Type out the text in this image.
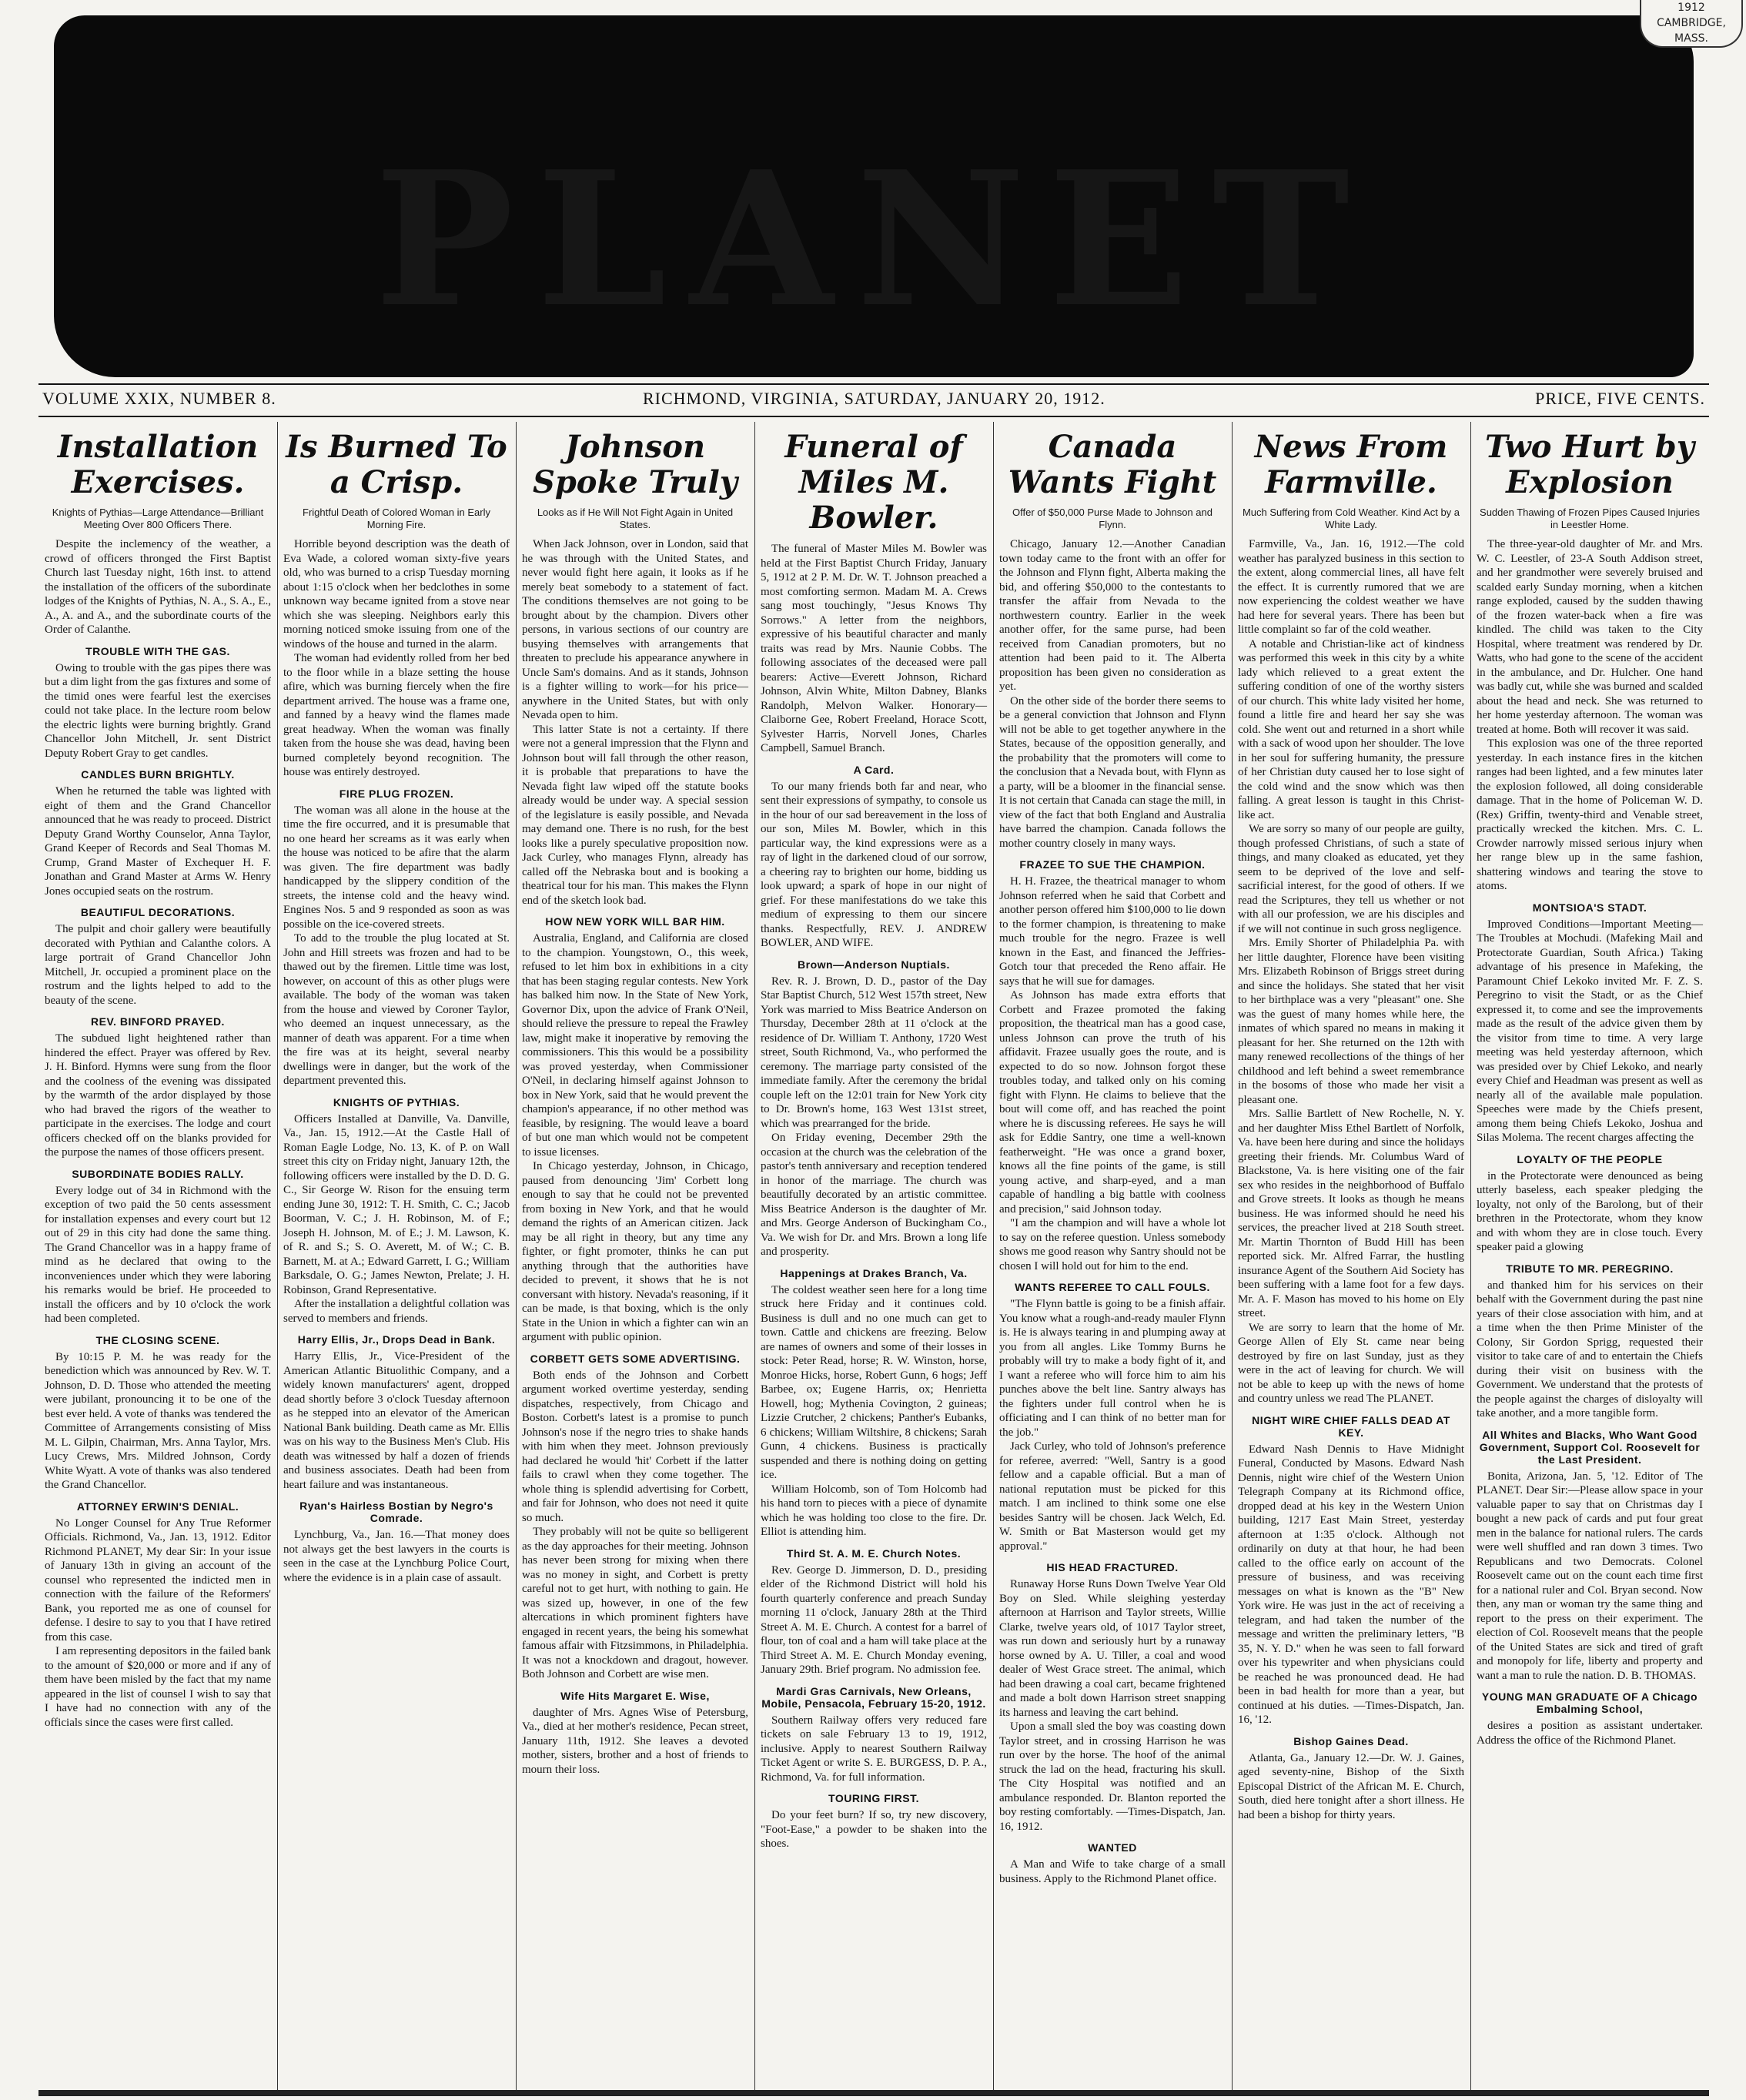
PLANET
1912
CAMBRIDGE, MASS.
VOLUME XXIX, NUMBER 8.	RICHMOND, VIRGINIA, SATURDAY, JANUARY 20, 1912.	PRICE, FIVE CENTS.
Installation Exercises.
Knights of Pythias—Large Attendance—Brilliant Meeting Over 800 Officers There.

Despite the inclemency of the weather, a crowd of officers thronged the First Baptist Church last Tuesday night, 16th inst. to attend the installation of the officers of the subordinate lodges of the Knights of Pythias, N. A., S. A., E., A., A. and A., and the subordinate courts of the Order of Calanthe.

TROUBLE WITH THE GAS.

Owing to trouble with the gas pipes there was but a dim light from the gas fixtures and some of the timid ones were fearful lest the exercises could not take place. In the lecture room below the electric lights were burning brightly. Grand Chancellor John Mitchell, Jr. sent District Deputy Robert Gray to get candles.

CANDLES BURN BRIGHTLY.

When he returned the table was lighted with eight of them and the Grand Chancellor announced that he was ready to proceed. District Deputy Grand Worthy Counselor, Anna Taylor, Grand Keeper of Records and Seal Thomas M. Crump, Grand Master of Exchequer H. F. Jonathan and Grand Master at Arms W. Henry Jones occupied seats on the rostrum.

BEAUTIFUL DECORATIONS.

The pulpit and choir gallery were beautifully decorated with Pythian and Calanthe colors. A large portrait of Grand Chancellor John Mitchell, Jr. occupied a prominent place on the rostrum and the lights helped to add to the beauty of the scene.

REV. BINFORD PRAYED.

The subdued light heightened rather than hindered the effect. Prayer was offered by Rev. J. H. Binford. Hymns were sung from the floor and the coolness of the evening was dissipated by the warmth of the ardor displayed by those who had braved the rigors of the weather to participate in the exercises. The lodge and court officers checked off on the blanks provided for the purpose the names of those officers present.

SUBORDINATE BODIES RALLY.

Every lodge out of 34 in Richmond with the exception of two paid the 50 cents assessment for installation expenses and every court but 12 out of 29 in this city had done the same thing. The Grand Chancellor was in a happy frame of mind as he declared that owing to the inconveniences under which they were laboring his remarks would be brief. He proceeded to install the officers and by 10 o'clock the work had been completed.

THE CLOSING SCENE.

By 10:15 P. M. he was ready for the benediction which was announced by Rev. W. T. Johnson, D. D. Those who attended the meeting were jubilant, pronouncing it to be one of the best ever held. A vote of thanks was tendered the Committee of Arrangements consisting of Miss M. L. Gilpin, Chairman, Mrs. Anna Taylor, Mrs. Lucy Crews, Mrs. Mildred Johnson, Cordy White Wyatt. A vote of thanks was also tendered the Grand Chancellor.

ATTORNEY ERWIN'S DENIAL.

No Longer Counsel for Any True Reformer Officials. Richmond, Va., Jan. 13, 1912. Editor Richmond PLANET, My dear Sir: In your issue of January 13th in giving an account of the counsel who represented the indicted men in connection with the failure of the Reformers' Bank, you reported me as one of counsel for defense. I desire to say to you that I have retired from this case.

I am representing depositors in the failed bank to the amount of $20,000 or more and if any of them have been misled by the fact that my name appeared in the list of counsel I wish to say that I have had no connection with any of the officials since the cases were first called.

Is Burned To a Crisp.
Frightful Death of Colored Woman in Early Morning Fire.

Horrible beyond description was the death of Eva Wade, a colored woman sixty-five years old, who was burned to a crisp Tuesday morning about 1:15 o'clock when her bedclothes in some unknown way became ignited from a stove near which she was sleeping. Neighbors early this morning noticed smoke issuing from one of the windows of the house and turned in the alarm.

The woman had evidently rolled from her bed to the floor while in a blaze setting the house afire, which was burning fiercely when the fire department arrived. The house was a frame one, and fanned by a heavy wind the flames made great headway. When the woman was finally taken from the house she was dead, having been burned completely beyond recognition. The house was entirely destroyed.

FIRE PLUG FROZEN.

The woman was all alone in the house at the time the fire occurred, and it is presumable that no one heard her screams as it was early when the house was noticed to be afire that the alarm was given. The fire department was badly handicapped by the slippery condition of the streets, the intense cold and the heavy wind. Engines Nos. 5 and 9 responded as soon as was possible on the ice-covered streets.

To add to the trouble the plug located at St. John and Hill streets was frozen and had to be thawed out by the firemen. Little time was lost, however, on account of this as other plugs were available. The body of the woman was taken from the house and viewed by Coroner Taylor, who deemed an inquest unnecessary, as the manner of death was apparent. For a time when the fire was at its height, several nearby dwellings were in danger, but the work of the department prevented this.

KNIGHTS OF PYTHIAS.

Officers Installed at Danville, Va. Danville, Va., Jan. 15, 1912.—At the Castle Hall of Roman Eagle Lodge, No. 13, K. of P. on Wall street this city on Friday night, January 12th, the following officers were installed by the D. D. G. C., Sir George W. Rison for the ensuing term ending June 30, 1912: T. H. Smith, C. C.; Jacob Boorman, V. C.; J. H. Robinson, M. of F.; Joseph H. Johnson, M. of E.; J. M. Lawson, K. of R. and S.; S. O. Averett, M. of W.; C. B. Barnett, M. at A.; Edward Garrett, I. G.; William Barksdale, O. G.; James Newton, Prelate; J. H. Robinson, Grand Representative.

After the installation a delightful collation was served to members and friends.

Harry Ellis, Jr., Drops Dead in Bank.

Harry Ellis, Jr., Vice-President of the American Atlantic Bituolithic Company, and a widely known manufacturers' agent, dropped dead shortly before 3 o'clock Tuesday afternoon as he stepped into an elevator of the American National Bank building. Death came as Mr. Ellis was on his way to the Business Men's Club. His death was witnessed by half a dozen of friends and business associates. Death had been from heart failure and was instantaneous.

Ryan's Hairless Bostian by Negro's Comrade.

Lynchburg, Va., Jan. 16.—That money does not always get the best lawyers in the courts is seen in the case at the Lynchburg Police Court, where the evidence is in a plain case of assault.

Johnson Spoke Truly
Looks as if He Will Not Fight Again in United States.

When Jack Johnson, over in London, said that he was through with the United States, and never would fight here again, it looks as if he merely beat somebody to a statement of fact. The conditions themselves are not going to be brought about by the champion. Divers other persons, in various sections of our country are busying themselves with arrangements that threaten to preclude his appearance anywhere in Uncle Sam's domains. And as it stands, Johnson is a fighter willing to work—for his price—anywhere in the United States, but with only Nevada open to him.

This latter State is not a certainty. If there were not a general impression that the Flynn and Johnson bout will fall through the other reason, it is probable that preparations to have the Nevada fight law wiped off the statute books already would be under way. A special session of the legislature is easily possible, and Nevada may demand one. There is no rush, for the best looks like a purely speculative proposition now. Jack Curley, who manages Flynn, already has called off the Nebraska bout and is booking a theatrical tour for his man. This makes the Flynn end of the sketch look bad.

HOW NEW YORK WILL BAR HIM.

Australia, England, and California are closed to the champion. Youngstown, O., this week, refused to let him box in exhibitions in a city that has been staging regular contests. New York has balked him now. In the State of New York, Governor Dix, upon the advice of Frank O'Neil, should relieve the pressure to repeal the Frawley law, might make it inoperative by removing the commissioners. This this would be a possibility was proved yesterday, when Commissioner O'Neil, in declaring himself against Johnson to box in New York, said that he would prevent the champion's appearance, if no other method was feasible, by resigning. The would leave a board of but one man which would not be competent to issue licenses.

In Chicago yesterday, Johnson, in Chicago, paused from denouncing 'Jim' Corbett long enough to say that he could not be prevented from boxing in New York, and that he would demand the rights of an American citizen. Jack may be all right in theory, but any time any fighter, or fight promoter, thinks he can put anything through that the authorities have decided to prevent, it shows that he is not conversant with history. Nevada's reasoning, if it can be made, is that boxing, which is the only State in the Union in which a fighter can win an argument with public opinion.

CORBETT GETS SOME ADVERTISING.

Both ends of the Johnson and Corbett argument worked overtime yesterday, sending dispatches, respectively, from Chicago and Boston. Corbett's latest is a promise to punch Johnson's nose if the negro tries to shake hands with him when they meet. Johnson previously had declared he would 'hit' Corbett if the latter fails to crawl when they come together. The whole thing is splendid advertising for Corbett, and fair for Johnson, who does not need it quite so much.

They probably will not be quite so belligerent as the day approaches for their meeting. Johnson has never been strong for mixing when there was no money in sight, and Corbett is pretty careful not to get hurt, with nothing to gain. He was sized up, however, in one of the few altercations in which prominent fighters have engaged in recent years, the being his somewhat famous affair with Fitzsimmons, in Philadelphia. It was not a knockdown and dragout, however. Both Johnson and Corbett are wise men.

Wife Hits Margaret E. Wise,

daughter of Mrs. Agnes Wise of Petersburg, Va., died at her mother's residence, Pecan street, January 11th, 1912. She leaves a devoted mother, sisters, brother and a host of friends to mourn their loss.

Funeral of Miles M. Bowler.

The funeral of Master Miles M. Bowler was held at the First Baptist Church Friday, January 5, 1912 at 2 P. M. Dr. W. T. Johnson preached a most comforting sermon. Madam M. A. Crews sang most touchingly, "Jesus Knows Thy Sorrows." A letter from the neighbors, expressive of his beautiful character and manly traits was read by Mrs. Naunie Cobbs. The following associates of the deceased were pall bearers: Active—Everett Johnson, Richard Johnson, Alvin White, Milton Dabney, Blanks Randolph, Melvon Walker. Honorary—Claiborne Gee, Robert Freeland, Horace Scott, Sylvester Harris, Norvell Jones, Charles Campbell, Samuel Branch.

A Card.

To our many friends both far and near, who sent their expressions of sympathy, to console us in the hour of our sad bereavement in the loss of our son, Miles M. Bowler, which in this particular way, the kind expressions were as a ray of light in the darkened cloud of our sorrow, a cheering ray to brighten our home, bidding us look upward; a spark of hope in our night of grief. For these manifestations do we take this medium of expressing to them our sincere thanks. Respectfully, REV. J. ANDREW BOWLER, AND WIFE.

Brown—Anderson Nuptials.

Rev. R. J. Brown, D. D., pastor of the Day Star Baptist Church, 512 West 157th street, New York was married to Miss Beatrice Anderson on Thursday, December 28th at 11 o'clock at the residence of Dr. William T. Anthony, 1720 West street, South Richmond, Va., who performed the ceremony. The marriage party consisted of the immediate family. After the ceremony the bridal couple left on the 12:01 train for New York city to Dr. Brown's home, 163 West 131st street, which was prearranged for the bride.

On Friday evening, December 29th the occasion at the church was the celebration of the pastor's tenth anniversary and reception tendered in honor of the marriage. The church was beautifully decorated by an artistic committee. Miss Beatrice Anderson is the daughter of Mr. and Mrs. George Anderson of Buckingham Co., Va. We wish for Dr. and Mrs. Brown a long life and prosperity.

Happenings at Drakes Branch, Va.

The coldest weather seen here for a long time struck here Friday and it continues cold. Business is dull and no one much can get to town. Cattle and chickens are freezing. Below are names of owners and some of their losses in stock: Peter Read, horse; R. W. Winston, horse, Monroe Hicks, horse, Robert Gunn, 6 hogs; Jeff Barbee, ox; Eugene Harris, ox; Henrietta Howell, hog; Mythenia Covington, 2 guineas; Lizzie Crutcher, 2 chickens; Panther's Eubanks, 6 chickens; William Wiltshire, 8 chickens; Sarah Gunn, 4 chickens. Business is practically suspended and there is nothing doing on getting ice.

William Holcomb, son of Tom Holcomb had his hand torn to pieces with a piece of dynamite which he was holding too close to the fire. Dr. Elliot is attending him.

Third St. A. M. E. Church Notes.

Rev. George D. Jimmerson, D. D., presiding elder of the Richmond District will hold his fourth quarterly conference and preach Sunday morning 11 o'clock, January 28th at the Third Street A. M. E. Church. A contest for a barrel of flour, ton of coal and a ham will take place at the Third Street A. M. E. Church Monday evening, January 29th. Brief program. No admission fee.

Mardi Gras Carnivals, New Orleans, Mobile, Pensacola, February 15-20, 1912.

Southern Railway offers very reduced fare tickets on sale February 13 to 19, 1912, inclusive. Apply to nearest Southern Railway Ticket Agent or write S. E. BURGESS, D. P. A., Richmond, Va. for full information.

TOURING FIRST.

Do your feet burn? If so, try new discovery, "Foot-Ease," a powder to be shaken into the shoes.

Canada Wants Fight
Offer of $50,000 Purse Made to Johnson and Flynn.

Chicago, January 12.—Another Canadian town today came to the front with an offer for the Johnson and Flynn fight, Alberta making the bid, and offering $50,000 to the contestants to transfer the affair from Nevada to the northwestern country. Earlier in the week another offer, for the same purse, had been received from Canadian promoters, but no attention had been paid to it. The Alberta proposition has been given no consideration as yet.

On the other side of the border there seems to be a general conviction that Johnson and Flynn will not be able to get together anywhere in the States, because of the opposition generally, and the probability that the promoters will come to the conclusion that a Nevada bout, with Flynn as a party, will be a bloomer in the financial sense. It is not certain that Canada can stage the mill, in view of the fact that both England and Australia have barred the champion. Canada follows the mother country closely in many ways.

FRAZEE TO SUE THE CHAMPION.

H. H. Frazee, the theatrical manager to whom Johnson referred when he said that Corbett and another person offered him $100,000 to lie down to the former champion, is threatening to make much trouble for the negro. Frazee is well known in the East, and financed the Jeffries-Gotch tour that preceded the Reno affair. He says that he will sue for damages.

As Johnson has made extra efforts that Corbett and Frazee promoted the faking proposition, the theatrical man has a good case, unless Johnson can prove the truth of his affidavit. Frazee usually goes the route, and is expected to do so now. Johnson forgot these troubles today, and talked only on his coming fight with Flynn. He claims to believe that the bout will come off, and has reached the point where he is discussing referees. He says he will ask for Eddie Santry, one time a well-known featherweight. "He was once a grand boxer, knows all the fine points of the game, is still young active, and sharp-eyed, and a man capable of handling a big battle with coolness and precision," said Johnson today.

"I am the champion and will have a whole lot to say on the referee question. Unless somebody shows me good reason why Santry should not be chosen I will hold out for him to the end.

WANTS REFEREE TO CALL FOULS.

"The Flynn battle is going to be a finish affair. You know what a rough-and-ready mauler Flynn is. He is always tearing in and plumping away at you from all angles. Like Tommy Burns he probably will try to make a body fight of it, and I want a referee who will force him to aim his punches above the belt line. Santry always has the fighters under full control when he is officiating and I can think of no better man for the job."

Jack Curley, who told of Johnson's preference for referee, averred: "Well, Santry is a good fellow and a capable official. But a man of national reputation must be picked for this match. I am inclined to think some one else besides Santry will be chosen. Jack Welch, Ed. W. Smith or Bat Masterson would get my approval."

HIS HEAD FRACTURED.

Runaway Horse Runs Down Twelve Year Old Boy on Sled. While sleighing yesterday afternoon at Harrison and Taylor streets, Willie Clarke, twelve years old, of 1017 Taylor street, was run down and seriously hurt by a runaway horse owned by A. U. Tiller, a coal and wood dealer of West Grace street. The animal, which had been drawing a coal cart, became frightened and made a bolt down Harrison street snapping its harness and leaving the cart behind.

Upon a small sled the boy was coasting down Taylor street, and in crossing Harrison he was run over by the horse. The hoof of the animal struck the lad on the head, fracturing his skull. The City Hospital was notified and an ambulance responded. Dr. Blanton reported the boy resting comfortably. —Times-Dispatch, Jan. 16, 1912.

WANTED

A Man and Wife to take charge of a small business. Apply to the Richmond Planet office.

News From Farmville.
Much Suffering from Cold Weather. Kind Act by a White Lady.

Farmville, Va., Jan. 16, 1912.—The cold weather has paralyzed business in this section to the extent, along commercial lines, all have felt the effect. It is currently rumored that we are now experiencing the coldest weather we have had here for several years. There has been but little complaint so far of the cold weather.

A notable and Christian-like act of kindness was performed this week in this city by a white lady which relieved to a great extent the suffering condition of one of the worthy sisters of our church. This white lady visited her home, found a little fire and heard her say she was cold. She went out and returned in a short while with a sack of wood upon her shoulder. The love in her soul for suffering humanity, the pressure of her Christian duty caused her to lose sight of the cold wind and the snow which was then falling. A great lesson is taught in this Christ-like act.

We are sorry so many of our people are guilty, though professed Christians, of such a state of things, and many cloaked as educated, yet they seem to be deprived of the love and self-sacrificial interest, for the good of others. If we read the Scriptures, they tell us whether or not with all our profession, we are his disciples and if we will not continue in such gross negligence.

Mrs. Emily Shorter of Philadelphia Pa. with her little daughter, Florence have been visiting Mrs. Elizabeth Robinson of Briggs street during and since the holidays. She stated that her visit to her birthplace was a very "pleasant" one. She was the guest of many homes while here, the inmates of which spared no means in making it pleasant for her. She returned on the 12th with many renewed recollections of the things of her childhood and left behind a sweet remembrance in the bosoms of those who made her visit a pleasant one.

Mrs. Sallie Bartlett of New Rochelle, N. Y. and her daughter Miss Ethel Bartlett of Norfolk, Va. have been here during and since the holidays greeting their friends. Mr. Columbus Ward of Blackstone, Va. is here visiting one of the fair sex who resides in the neighborhood of Buffalo and Grove streets. It looks as though he means business. He was informed should he need his services, the preacher lived at 218 South street. Mr. Martin Thornton of Budd Hill has been reported sick. Mr. Alfred Farrar, the hustling insurance Agent of the Southern Aid Society has been suffering with a lame foot for a few days. Mr. A. F. Mason has moved to his home on Ely street.

We are sorry to learn that the home of Mr. George Allen of Ely St. came near being destroyed by fire on last Sunday, just as they were in the act of leaving for church. We will not be able to keep up with the news of home and country unless we read The PLANET.

NIGHT WIRE CHIEF FALLS DEAD AT KEY.

Edward Nash Dennis to Have Midnight Funeral, Conducted by Masons. Edward Nash Dennis, night wire chief of the Western Union Telegraph Company at its Richmond office, dropped dead at his key in the Western Union building, 1217 East Main Street, yesterday afternoon at 1:35 o'clock. Although not ordinarily on duty at that hour, he had been called to the office early on account of the pressure of business, and was receiving messages on what is known as the "B" New York wire. He was just in the act of receiving a telegram, and had taken the number of the message and written the preliminary letters, "B 35, N. Y. D." when he was seen to fall forward over his typewriter and when physicians could be reached he was pronounced dead. He had been in bad health for more than a year, but continued at his duties. —Times-Dispatch, Jan. 16, '12.

Bishop Gaines Dead.

Atlanta, Ga., January 12.—Dr. W. J. Gaines, aged seventy-nine, Bishop of the Sixth Episcopal District of the African M. E. Church, South, died here tonight after a short illness. He had been a bishop for thirty years.

Two Hurt by Explosion
Sudden Thawing of Frozen Pipes Caused Injuries in Leestler Home.

The three-year-old daughter of Mr. and Mrs. W. C. Leestler, of 23-A South Addison street, and her grandmother were severely bruised and scalded early Sunday morning, when a kitchen range exploded, caused by the sudden thawing of the frozen water-back when a fire was kindled. The child was taken to the City Hospital, where treatment was rendered by Dr. Watts, who had gone to the scene of the accident in the ambulance, and Dr. Hulcher. One hand was badly cut, while she was burned and scalded about the head and neck. She was returned to her home yesterday afternoon. The woman was treated at home. Both will recover it was said.

This explosion was one of the three reported yesterday. In each instance fires in the kitchen ranges had been lighted, and a few minutes later the explosion followed, all doing considerable damage. That in the home of Policeman W. D. (Rex) Griffin, twenty-third and Venable street, practically wrecked the kitchen. Mrs. C. L. Crowder narrowly missed serious injury when her range blew up in the same fashion, shattering windows and tearing the stove to atoms.

MONTSIOA'S STADT.

Improved Conditions—Important Meeting—The Troubles at Mochudi. (Mafeking Mail and Protectorate Guardian, South Africa.) Taking advantage of his presence in Mafeking, the Paramount Chief Lekoko invited Mr. F. Z. S. Peregrino to visit the Stadt, or as the Chief expressed it, to come and see the improvements made as the result of the advice given them by the visitor from time to time. A very large meeting was held yesterday afternoon, which was presided over by Chief Lekoko, and nearly every Chief and Headman was present as well as nearly all of the available male population. Speeches were made by the Chiefs present, among them being Chiefs Lekoko, Joshua and Silas Molema. The recent charges affecting the

LOYALTY OF THE PEOPLE

in the Protectorate were denounced as being utterly baseless, each speaker pledging the loyalty, not only of the Barolong, but of their brethren in the Protectorate, whom they know and with whom they are in close touch. Every speaker paid a glowing

TRIBUTE TO MR. PEREGRINO.

and thanked him for his services on their behalf with the Government during the past nine years of their close association with him, and at a time when the then Prime Minister of the Colony, Sir Gordon Sprigg, requested their visitor to take care of and to entertain the Chiefs during their visit on business with the Government. We understand that the protests of the people against the charges of disloyalty will take another, and a more tangible form.

All Whites and Blacks, Who Want Good Government, Support Col. Roosevelt for the Last President.

Bonita, Arizona, Jan. 5, '12. Editor of The PLANET. Dear Sir:—Please allow space in your valuable paper to say that on Christmas day I bought a new pack of cards and put four great men in the balance for national rulers. The cards were well shuffled and ran down 3 times. Two Republicans and two Democrats. Colonel Roosevelt came out on the count each time first for a national ruler and Col. Bryan second. Now then, any man or woman try the same thing and report to the press on their experiment. The election of Col. Roosevelt means that the people of the United States are sick and tired of graft and monopoly for life, liberty and property and want a man to rule the nation. D. B. THOMAS.

YOUNG MAN GRADUATE OF A Chicago Embalming School,

desires a position as assistant undertaker. Address the office of the Richmond Planet.
